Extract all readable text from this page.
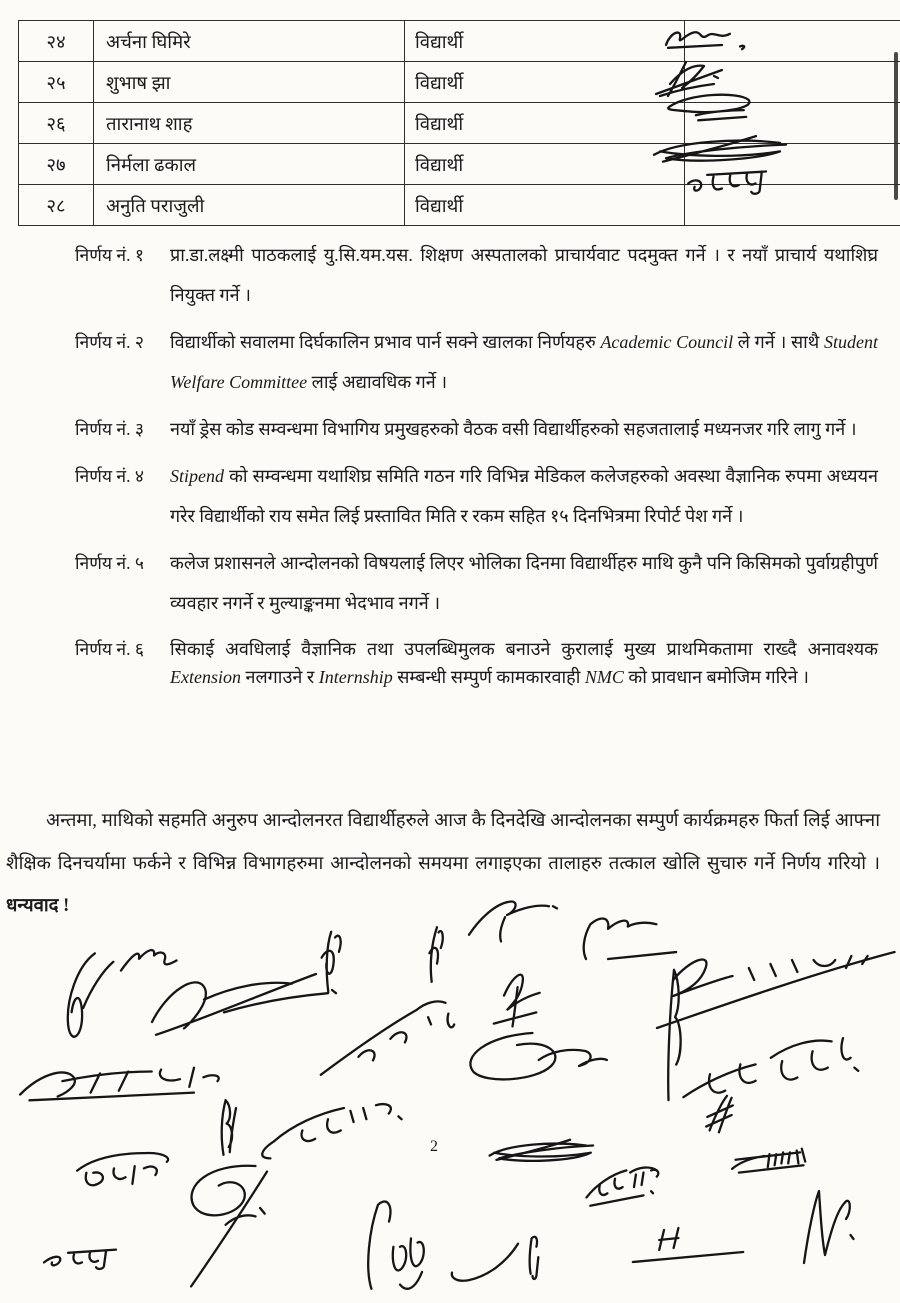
२४	अर्चना घिमिरे	विद्यार्थी	
२५	शुभाष झा	विद्यार्थी	
२६	तारानाथ शाह	विद्यार्थी	
२७	निर्मला ढकाल	विद्यार्थी	
२८	अनुति पराजुली	विद्यार्थी	
निर्णय नं. १	प्रा.डा.लक्ष्मी पाठकलाई यु.सि.यम.यस. शिक्षण अस्पतालको प्राचार्यवाट पदमुक्त गर्ने । र नयाँ प्राचार्य यथाशिघ्र नियुक्त गर्ने ।
निर्णय नं. २	विद्यार्थीको सवालमा दिर्घकालिन प्रभाव पार्न सक्ने खालका निर्णयहरु Academic Council ले गर्ने । साथै Student Welfare Committee लाई अद्यावधिक गर्ने ।
निर्णय नं. ३	नयाँ ड्रेस कोड सम्वन्धमा विभागिय प्रमुखहरुको वैठक वसी विद्यार्थीहरुको सहजतालाई मध्यनजर गरि लागु गर्ने ।
निर्णय नं. ४	Stipend को सम्वन्धमा यथाशिघ्र समिति गठन गरि विभिन्न मेडिकल कलेजहरुको अवस्था वैज्ञानिक रुपमा अध्ययन गरेर विद्यार्थीको राय समेत लिई प्रस्तावित मिति र रकम सहित १५ दिनभित्रमा रिपोर्ट पेश गर्ने ।
निर्णय नं. ५	कलेज प्रशासनले आन्दोलनको विषयलाई लिएर भोलिका दिनमा विद्यार्थीहरु माथि कुनै पनि किसिमको पुर्वाग्रहीपुर्ण व्यवहार नगर्ने र मुल्याङ्कनमा भेदभाव नगर्ने ।
निर्णय नं. ६	सिकाई अवधिलाई वैज्ञानिक तथा उपलब्धिमुलक बनाउने कुरालाई मुख्य प्राथमिकतामा राख्दै अनावश्यक Extension नलगाउने र Internship सम्बन्धी सम्पुर्ण कामकारवाही NMC को प्रावधान बमोजिम गरिने ।
अन्तमा, माथिको सहमति अनुरुप आन्दोलनरत विद्यार्थीहरुले आज कै दिनदेखि आन्दोलनका सम्पुर्ण कार्यक्रमहरु फिर्ता लिई आफ्ना शैक्षिक दिनचर्यामा फर्कने र विभिन्न विभागहरुमा आन्दोलनको समयमा लगाइएका तालाहरु तत्काल खोलि सुचारु गर्ने निर्णय गरियो । धन्यवाद !
2
